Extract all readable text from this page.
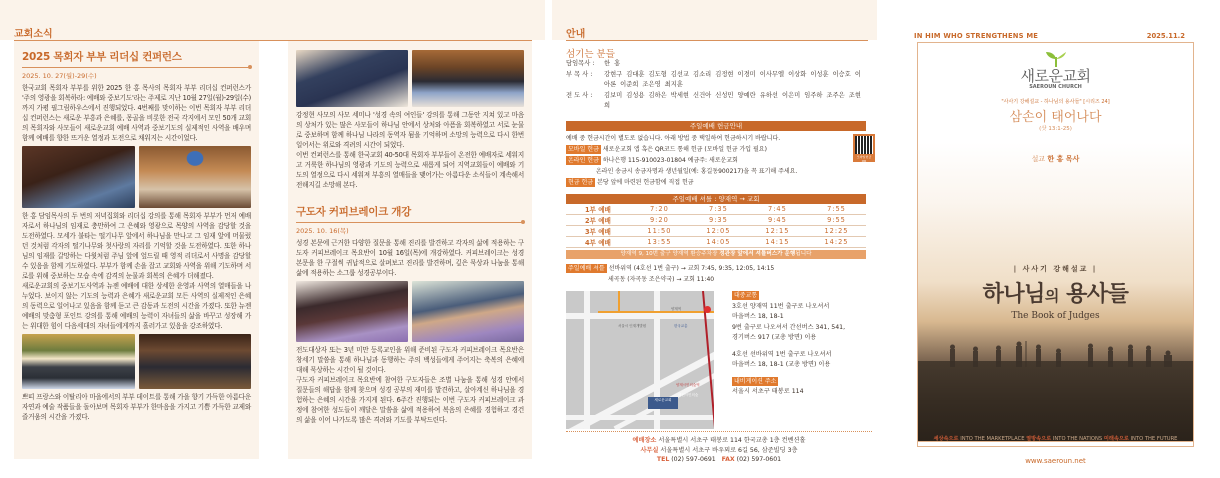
교회소식
2025 목회자 부부 리더십 컨퍼런스
2025. 10. 27(월)-29(수)

한국교회 목회자 부부를 위한 2025 한 홍 목사의 목회자 부부 리더십 컨퍼런스가 '주의 영광을 회복하라: 예배와 중보기도'라는 주제로 지난 10월 27일(월)-29일(수)까지 가평 필그림하우스에서 진행되었다. 4번째를 맞이하는 이번 목회자 부부 리더십 컨퍼런스는 새로운 부흥과 은혜를, 몽골을 비롯한 전국 각지에서 모인 50개 교회의 목회자와 사모들이 새로운교회 예배 사역과 중보기도의 실제적인 사역을 배우며 함께 예배를 향한 뜨거운 열정과 도전으로 채워지는 시간이었다.

한 홍 담임목사의 두 번의 저녁집회와 리더십 강의를 통해 목회자 부부가 먼저 예배자로서 하나님의 임재로 충만하여 그 은혜와 영광으로 목양의 사역을 감당할 것을 도전하였다. 모세가 불타는 떨기나무 앞에서 하나님을 만나고 그 임재 앞에 머물렀던 것처럼 각자의 떨기나무와 첫사랑의 자리를 기억할 것을 도전하였다. 또한 하나님의 임재를 갈망하는 다윗처럼 주님 앞에 엎드릴 때 영적 리더로서 사명을 감당할 수 있음을 함께 기도하였다. 부부가 함께 손을 잡고 교회와 사역을 위해 기도하며 서로를 위해 중보하는 모습 속에 감격의 눈물과 회복의 은혜가 더해졌다.

새로운교회의 중보기도사역과 뉴젠 예배에 대한 상세한 운영과 사역의 열매들을 나누었다. 보이지 않는 기도의 능력과 은혜가 새로운교회 모든 사역의 실제적인 은혜의 동력으로 일어나고 있음을 함께 듣고 큰 감동과 도전의 시간을 가졌다. 또한 뉴젠 예배의 맞춤형 포인트 강의를 통해 예배의 능력이 자녀들의 삶을 바꾸고 성장해 가는 위대한 힘이 다음세대의 자녀들에게까지 흘러가고 있음을 강조하였다.

쁘띠 프랑스와 이탈리아 마을에서의 부부 데이트를 통해 가을 향기 가득한 아름다운 자연과 예술 작품들을 돌아보며 목회자 부부가 한마음을 가지고 기쁨 가득한 교제와 즐거움의 시간을 가졌다.

강정현 사모의 사모 세미나 '성경 속의 여인들' 강의를 통해 그동안 지쳐 있고 마음의 상처가 있는 많은 사모들이 하나님 안에서 상처와 아픔을 회복하였고 서로 눈물로 중보하며 함께 하나님 나라의 동역자 됨을 기억하며 소망의 능력으로 다시 한번 일어서는 위로와 격려의 시간이 되었다.

이번 컨퍼런스를 통해 한국교회 40-50대 목회자 부부들이 온전한 예배자로 세워지고 거룩한 하나님의 영광과 기도의 능력으로 새롭게 되어 지역교회들이 예배와 기도의 열정으로 다시 세워져 부흥의 열매들을 맺어가는 아름다운 소식들이 계속해서 전해지길 소망해 본다.

구도자 커피브레이크 개강
2025. 10. 16(목)

성경 본문에 근거한 다양한 질문을 통해 진리를 발견하고 각자의 삶에 적용하는 구도자 커피브레이크 목요반이 10월 16일(목)에 개강하였다. 커피브레이크는 성경 본문을 한 구절씩 귀납적으로 살펴보고 진리를 발견하며, 깊은 묵상과 나눔을 통해 삶에 적용하는 소그룹 성경공부이다.

전도대상자 또는 3년 미만 등록교인을 위해 준비된 구도자 커피브레이크 목요반은 창세기 말씀을 통해 하나님과 동행하는 주의 백성들에게 주어지는 축복의 은혜에 대해 묵상하는 시간이 될 것이다.

구도자 커피브레이크 목요반에 참여한 구도자들은 조별 나눔을 통해 성경 안에서 질문들의 해답을 함께 찾으며 성경 공부의 재미를 발견하고, 살아계신 하나님을 경험하는 은혜의 시간을 가지게 된다. 6주간 진행되는 이번 구도자 커피브레이크 과정에 참여한 성도들이 깨달은 말씀을 삶에 적용하여 복음의 은혜를 경험하고 경건의 삶을 이어 나가도록 많은 격려와 기도를 부탁드린다.

안내
섬기는 분들
담임목사 :	한 홍
부 목 사 :	강현구 김대훈 김도형 김선교 김소리 김정현 이경미 이사무엘 이상화 이성훈 이승호 이아론 이준희 조은영 최지훈
전 도 사 :	김보미 김성용 김하은 박세현 신건아 신성민 양예란 유하선 이은미 임주하 조주은 조현희
주일예배 헌금안내
예배 중 헌금시간이 별도로 없습니다. 아래 방법 중 택일하여 헌금하시기 바랍니다.
모바일 헌금 새로운교회 앱 혹은 QR코드 통해 헌금 (모바일 헌금 가입 필요)
온라인 헌금 하나은행 115-910023-01804 예금주: 새로운교회
온라인 송금시 송금자명과 생년월일(예: 홍길동900217)을 꼭 표기해 주세요.
현금 헌금 본당 앞에 마련된 헌금함에 직접 헌금
모바일헌금 QR
주일예배 셔틀 : 양재역 → 교회
1부 예배	7:20	7:35	7:45	7:55
2부 예배	9:20	9:35	9:45	9:55
3부 예배	11:50	12:05	12:15	12:25
4부 예배	13:55	14:05	14:15	14:25
양재역 9, 10번 출구 양재역 환승주차장 정관장 앞에서 셔틀버스가 운행됩니다
주일예배 셔틀 선바위역 (4호선 1번 출구) → 교회 7:45, 9:35, 12:05, 14:15
세곡동 (자곡동 조은약국) → 교회 11:40
양재역
서울시 인재개발원	한국교총
양재시민의숲역
매헌시민의숲
새로운교회
대중교통
3호선 양재역 11번 출구로 나오셔서
마을버스 18, 18-1
9번 출구로 나오셔서 간선버스 341, 541,
경기버스 917 (교총 방면) 이용
4호선 선바위역 1번 출구로 나오셔서
마을버스 18, 18-1 (교총 방면) 이용
내비게이션 주소
서울시 서초구 태봉로 114
예배장소 서울특별시 서초구 태봉로 114 한국교총 1층 컨벤션홀
사무실 서울특별시 서초구 바우뫼로 6길 56, 삼준빌딩 3층
TEL (02) 597-0691 FAX (02) 597-0601
IN HIM WHO STRENGTHENS ME	2025.11.2
새로운교회
SAEROUN CHURCH
"사사기 강해설교 - 하나님의 용사들" [시리즈 24]
삼손이 태어나다
(삿 13:1-25)
설교 한 홍 목사
| 사사기 강해설교 |
하나님의 용사들
The Book of Judges
세상속으로 INTO THE MARKETPLACE 열방속으로 INTO THE NATIONS 미래속으로 INTO THE FUTURE
www.saeroun.net
